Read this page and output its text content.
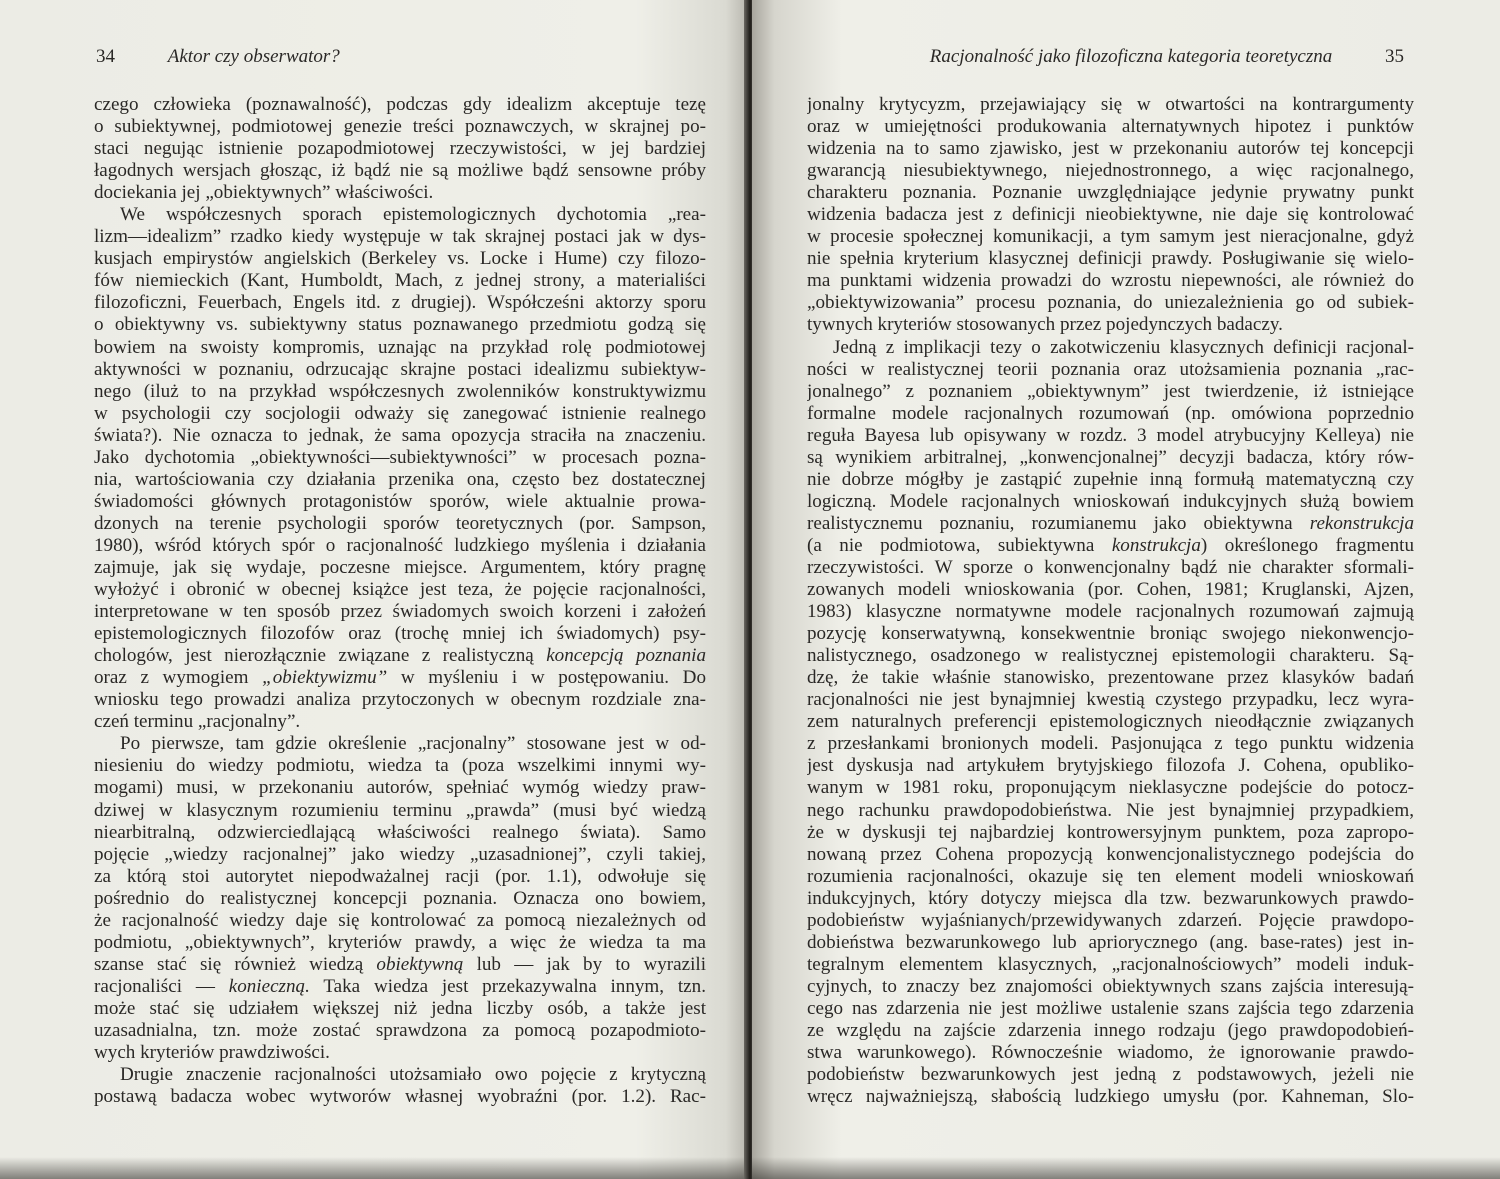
34	Aktor czy obserwator?

czego człowieka (poznawalność), podczas gdy idealizm akceptuje tezę

o subiektywnej, podmiotowej genezie treści poznawczych, w skrajnej po-

staci negując istnienie pozapodmiotowej rzeczywistości, w jej bardziej

łagodnych wersjach głosząc, iż bądź nie są możliwe bądź sensowne próby

dociekania jej „obiektywnych” właściwości.

We współczesnych sporach epistemologicznych dychotomia „rea-

lizm—idealizm” rzadko kiedy występuje w tak skrajnej postaci jak w dys-

kusjach empirystów angielskich (Berkeley vs. Locke i Hume) czy filozo-

fów niemieckich (Kant, Humboldt, Mach, z jednej strony, a materialiści

filozoficzni, Feuerbach, Engels itd. z drugiej). Współcześni aktorzy sporu

o obiektywny vs. subiektywny status poznawanego przedmiotu godzą się

bowiem na swoisty kompromis, uznając na przykład rolę podmiotowej

aktywności w poznaniu, odrzucając skrajne postaci idealizmu subiektyw-

nego (iluż to na przykład współczesnych zwolenników konstruktywizmu

w psychologii czy socjologii odważy się zanegować istnienie realnego

świata?). Nie oznacza to jednak, że sama opozycja straciła na znaczeniu.

Jako dychotomia „obiektywności—subiektywności” w procesach pozna-

nia, wartościowania czy działania przenika ona, często bez dostatecznej

świadomości głównych protagonistów sporów, wiele aktualnie prowa-

dzonych na terenie psychologii sporów teoretycznych (por. Sampson,

1980), wśród których spór o racjonalność ludzkiego myślenia i działania

zajmuje, jak się wydaje, poczesne miejsce. Argumentem, który pragnę

wyłożyć i obronić w obecnej książce jest teza, że pojęcie racjonalności,

interpretowane w ten sposób przez świadomych swoich korzeni i założeń

epistemologicznych filozofów oraz (trochę mniej ich świadomych) psy-

chologów, jest nierozłącznie związane z realistyczną koncepcją poznania

oraz z wymogiem „obiektywizmu” w myśleniu i w postępowaniu. Do

wniosku tego prowadzi analiza przytoczonych w obecnym rozdziale zna-

czeń terminu „racjonalny”.

Po pierwsze, tam gdzie określenie „racjonalny” stosowane jest w od-

niesieniu do wiedzy podmiotu, wiedza ta (poza wszelkimi innymi wy-

mogami) musi, w przekonaniu autorów, spełniać wymóg wiedzy praw-

dziwej w klasycznym rozumieniu terminu „prawda” (musi być wiedzą

niearbitralną, odzwierciedlającą właściwości realnego świata). Samo

pojęcie „wiedzy racjonalnej” jako wiedzy „uzasadnionej”, czyli takiej,

za którą stoi autorytet niepodważalnej racji (por. 1.1), odwołuje się

pośrednio do realistycznej koncepcji poznania. Oznacza ono bowiem,

że racjonalność wiedzy daje się kontrolować za pomocą niezależnych od

podmiotu, „obiektywnych”, kryteriów prawdy, a więc że wiedza ta ma

szanse stać się również wiedzą obiektywną lub — jak by to wyrazili

racjonaliści — konieczną. Taka wiedza jest przekazywalna innym, tzn.

może stać się udziałem większej niż jedna liczby osób, a także jest

uzasadnialna, tzn. może zostać sprawdzona za pomocą pozapodmioto-

wych kryteriów prawdziwości.

Drugie znaczenie racjonalności utożsamiało owo pojęcie z krytyczną

postawą badacza wobec wytworów własnej wyobraźni (por. 1.2). Rac-

Racjonalność jako filozoficzna kategoria teoretyczna	35

jonalny krytycyzm, przejawiający się w otwartości na kontrargumenty

oraz w umiejętności produkowania alternatywnych hipotez i punktów

widzenia na to samo zjawisko, jest w przekonaniu autorów tej koncepcji

gwarancją niesubiektywnego, niejednostronnego, a więc racjonalnego,

charakteru poznania. Poznanie uwzględniające jedynie prywatny punkt

widzenia badacza jest z definicji nieobiektywne, nie daje się kontrolować

w procesie społecznej komunikacji, a tym samym jest nieracjonalne, gdyż

nie spełnia kryterium klasycznej definicji prawdy. Posługiwanie się wielo-

ma punktami widzenia prowadzi do wzrostu niepewności, ale również do

„obiektywizowania” procesu poznania, do uniezależnienia go od subiek-

tywnych kryteriów stosowanych przez pojedynczych badaczy.

Jedną z implikacji tezy o zakotwiczeniu klasycznych definicji racjonal-

ności w realistycznej teorii poznania oraz utożsamienia poznania „rac-

jonalnego” z poznaniem „obiektywnym” jest twierdzenie, iż istniejące

formalne modele racjonalnych rozumowań (np. omówiona poprzednio

reguła Bayesa lub opisywany w rozdz. 3 model atrybucyjny Kelleya) nie

są wynikiem arbitralnej, „konwencjonalnej” decyzji badacza, który rów-

nie dobrze mógłby je zastąpić zupełnie inną formułą matematyczną czy

logiczną. Modele racjonalnych wnioskowań indukcyjnych służą bowiem

realistycznemu poznaniu, rozumianemu jako obiektywna rekonstrukcja

(a nie podmiotowa, subiektywna konstrukcja) określonego fragmentu

rzeczywistości. W sporze o konwencjonalny bądź nie charakter sformali-

zowanych modeli wnioskowania (por. Cohen, 1981; Kruglanski, Ajzen,

1983) klasyczne normatywne modele racjonalnych rozumowań zajmują

pozycję konserwatywną, konsekwentnie broniąc swojego niekonwencjo-

nalistycznego, osadzonego w realistycznej epistemologii charakteru. Są-

dzę, że takie właśnie stanowisko, prezentowane przez klasyków badań

racjonalności nie jest bynajmniej kwestią czystego przypadku, lecz wyra-

zem naturalnych preferencji epistemologicznych nieodłącznie związanych

z przesłankami bronionych modeli. Pasjonująca z tego punktu widzenia

jest dyskusja nad artykułem brytyjskiego filozofa J. Cohena, opubliko-

wanym w 1981 roku, proponującym nieklasyczne podejście do potocz-

nego rachunku prawdopodobieństwa. Nie jest bynajmniej przypadkiem,

że w dyskusji tej najbardziej kontrowersyjnym punktem, poza zapropo-

nowaną przez Cohena propozycją konwencjonalistycznego podejścia do

rozumienia racjonalności, okazuje się ten element modeli wnioskowań

indukcyjnych, który dotyczy miejsca dla tzw. bezwarunkowych prawdo-

podobieństw wyjaśnianych/przewidywanych zdarzeń. Pojęcie prawdopo-

dobieństwa bezwarunkowego lub apriorycznego (ang. base-rates) jest in-

tegralnym elementem klasycznych, „racjonalnościowych” modeli induk-

cyjnych, to znaczy bez znajomości obiektywnych szans zajścia interesują-

cego nas zdarzenia nie jest możliwe ustalenie szans zajścia tego zdarzenia

ze względu na zajście zdarzenia innego rodzaju (jego prawdopodobień-

stwa warunkowego). Równocześnie wiadomo, że ignorowanie prawdo-

podobieństw bezwarunkowych jest jedną z podstawowych, jeżeli nie

wręcz najważniejszą, słabością ludzkiego umysłu (por. Kahneman, Slo-
